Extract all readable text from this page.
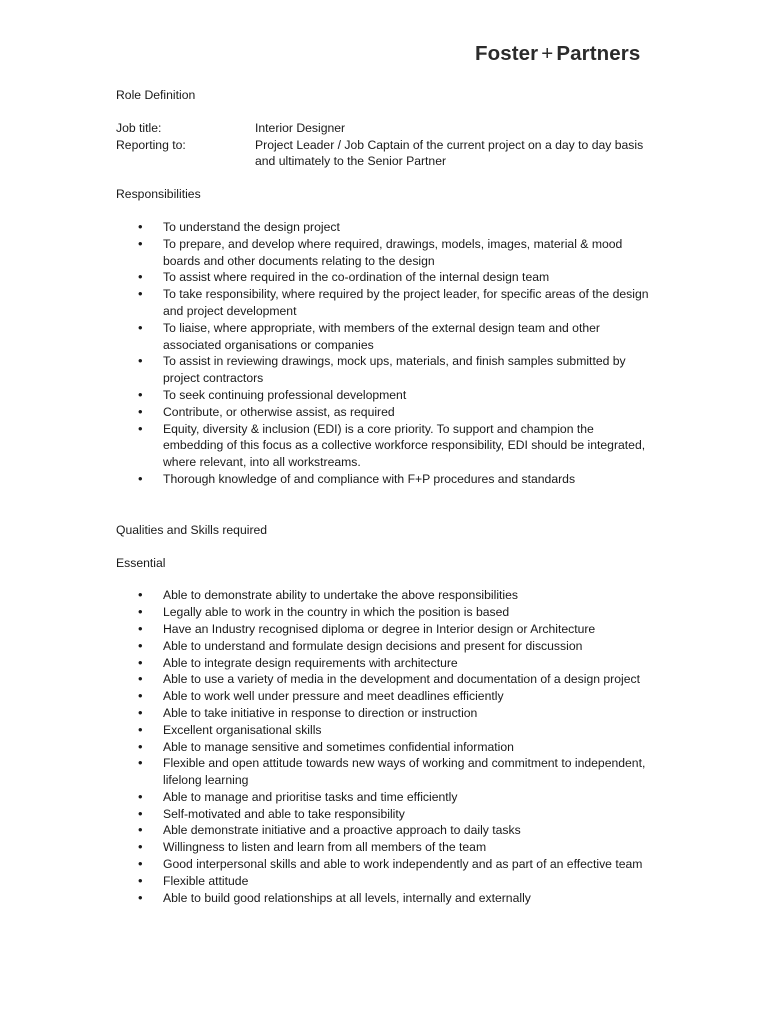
Foster + Partners

Role Definition

Job title:	Interior Designer
Reporting to:	Project Leader / Job Captain of the current project on a day to day basis and ultimately to the Senior Partner

Responsibilities

• To understand the design project
• To prepare, and develop where required, drawings, models, images, material & mood boards and other documents relating to the design
• To assist where required in the co-ordination of the internal design team
• To take responsibility, where required by the project leader, for specific areas of the design and project development
• To liaise, where appropriate, with members of the external design team and other associated organisations or companies
• To assist in reviewing drawings, mock ups, materials, and finish samples submitted by project contractors
• To seek continuing professional development
• Contribute, or otherwise assist, as required
• Equity, diversity & inclusion (EDI) is a core priority. To support and champion the embedding of this focus as a collective workforce responsibility, EDI should be integrated, where relevant, into all workstreams.
• Thorough knowledge of and compliance with F+P procedures and standards

Qualities and Skills required

Essential

• Able to demonstrate ability to undertake the above responsibilities
• Legally able to work in the country in which the position is based
• Have an Industry recognised diploma or degree in Interior design or Architecture
• Able to understand and formulate design decisions and present for discussion
• Able to integrate design requirements with architecture
• Able to use a variety of media in the development and documentation of a design project
• Able to work well under pressure and meet deadlines efficiently
• Able to take initiative in response to direction or instruction
• Excellent organisational skills
• Able to manage sensitive and sometimes confidential information
• Flexible and open attitude towards new ways of working and commitment to independent, lifelong learning
• Able to manage and prioritise tasks and time efficiently
• Self-motivated and able to take responsibility
• Able demonstrate initiative and a proactive approach to daily tasks
• Willingness to listen and learn from all members of the team
• Good interpersonal skills and able to work independently and as part of an effective team
• Flexible attitude
• Able to build good relationships at all levels, internally and externally
